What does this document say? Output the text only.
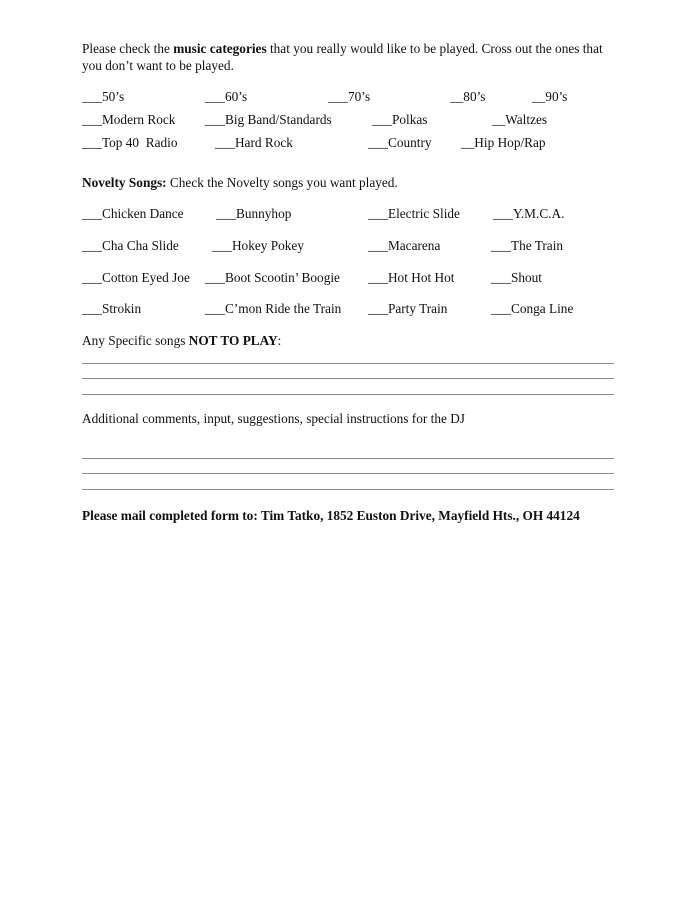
Please check the music categories that you really would like to be played. Cross out the ones that you don’t want to be played.
___50’s	___60’s	___70’s	__80’s	__90’s
___Modern Rock ___Big Band/Standards	___Polkas	__Waltzes
___Top 40  Radio	___Hard Rock	___Country __Hip Hop/Rap
Novelty Songs: Check the Novelty songs you want played.
___Chicken Dance ___Bunnyhop	___Electric Slide ___Y.M.C.A.
___Cha Cha Slide ___Hokey Pokey	___Macarena	___The Train
___Cotton Eyed Joe ___Boot Scootin’ Boogie ___Hot Hot Hot	___Shout
___Strokin	___C’mon Ride the Train ___Party Train	___Conga Line
Any Specific songs NOT TO PLAY:
Additional comments, input, suggestions, special instructions for the DJ
Please mail completed form to: Tim Tatko, 1852 Euston Drive, Mayfield Hts., OH 44124
